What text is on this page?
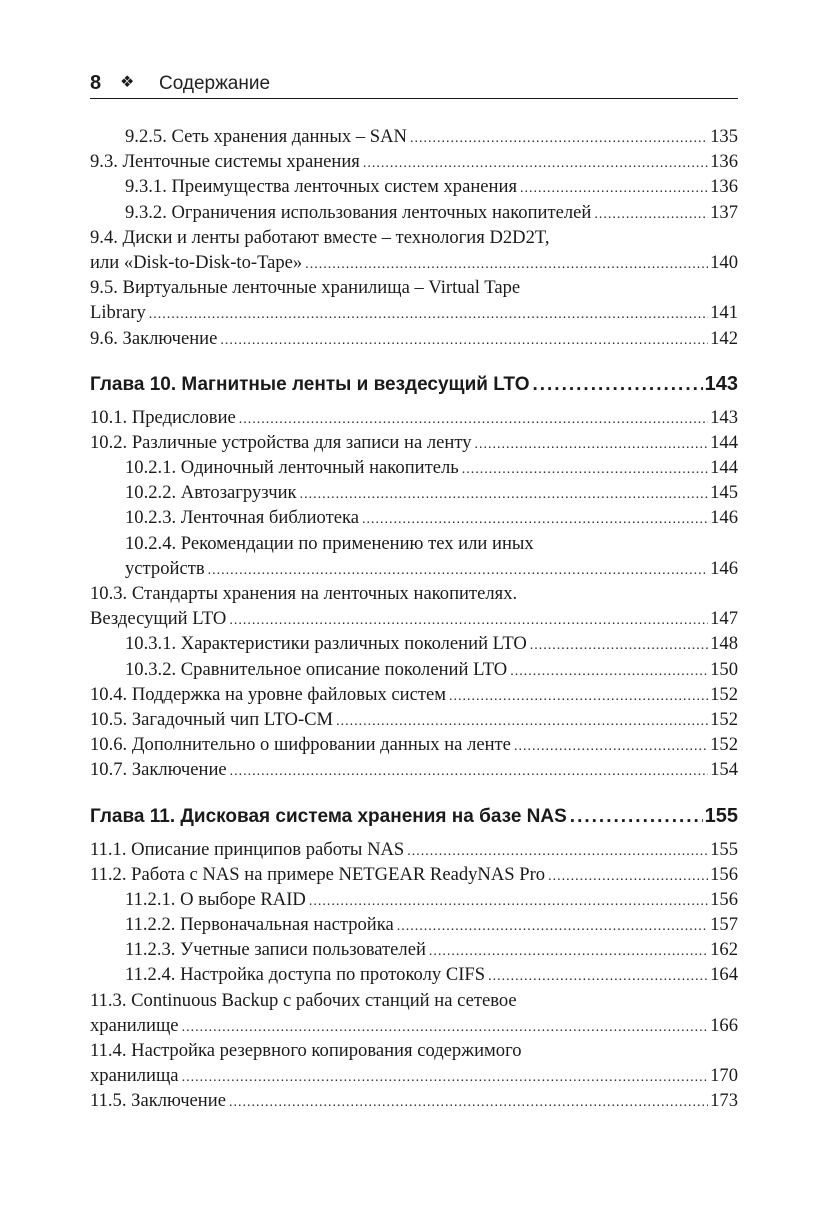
8 ❖ Содержание
9.2.5. Сеть хранения данных – SAN .....	135
9.3. Ленточные системы хранения .....	136
9.3.1. Преимущества ленточных систем хранения .....	136
9.3.2. Ограничения использования ленточных накопителей .....	137
9.4. Диски и ленты работают вместе – технология D2D2T,
или «Disk-to-Disk-to-Tape» .....	140
9.5. Виртуальные ленточные хранилища – Virtual Tape
Library .....	141
9.6. Заключение .....	142
Глава 10. Магнитные ленты и вездесущий LTO .....	143
10.1. Предисловие .....	143
10.2. Различные устройства для записи на ленту .....	144
10.2.1. Одиночный ленточный накопитель .....	144
10.2.2. Автозагрузчик .....	145
10.2.3. Ленточная библиотека .....	146
10.2.4. Рекомендации по применению тех или иных
устройств .....	146
10.3. Стандарты хранения на ленточных накопителях.
Вездесущий LTO .....	147
10.3.1. Характеристики различных поколений LTO .....	148
10.3.2. Сравнительное описание поколений LTO .....	150
10.4. Поддержка на уровне файловых систем .....	152
10.5. Загадочный чип LTO-CM .....	152
10.6. Дополнительно о шифровании данных на ленте .....	152
10.7. Заключение .....	154
Глава 11. Дисковая система хранения на базе NAS .....	155
11.1. Описание принципов работы NAS .....	155
11.2. Работа с NAS на примере NETGEAR ReadyNAS Pro .....	156
11.2.1. О выборе RAID .....	156
11.2.2. Первоначальная настройка .....	157
11.2.3. Учетные записи пользователей .....	162
11.2.4. Настройка доступа по протоколу CIFS .....	164
11.3. Continuous Backup с рабочих станций на сетевое
хранилище .....	166
11.4. Настройка резервного копирования содержимого
хранилища .....	170
11.5. Заключение .....	173
